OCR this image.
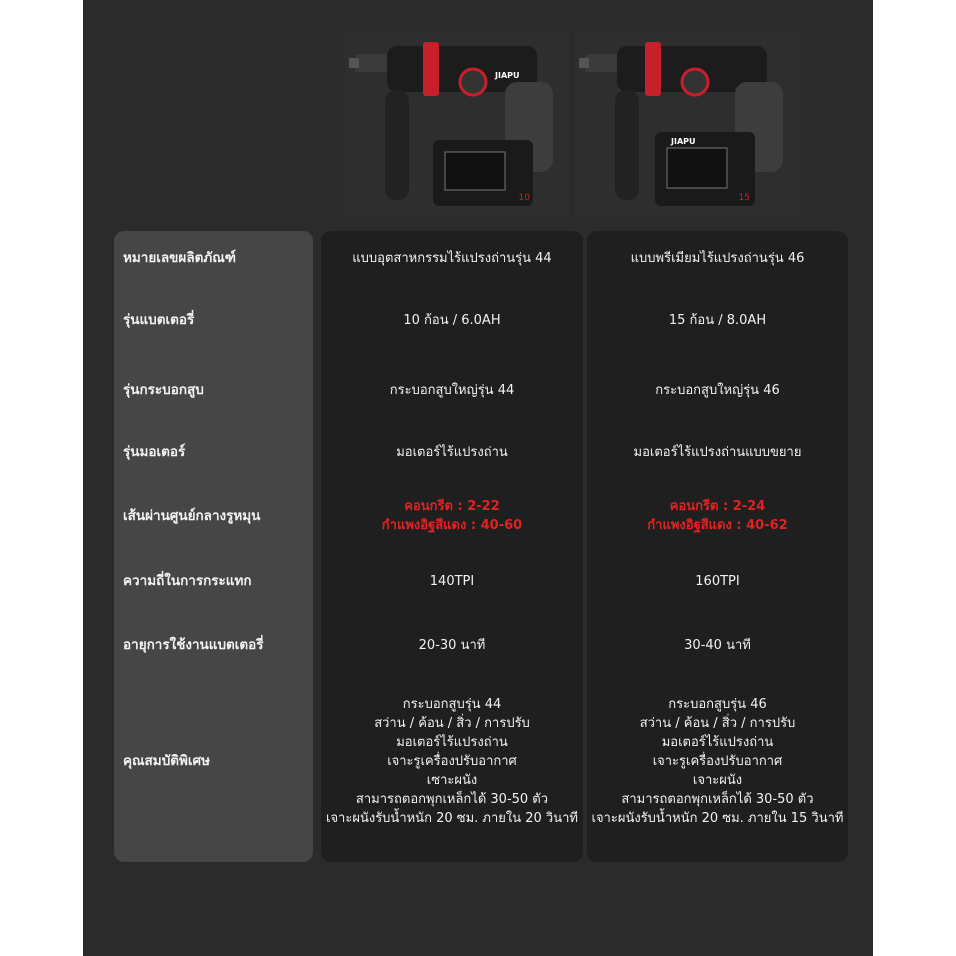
10
JIAPU
15
JIAPU
หมายเลขผลิตภัณฑ์
รุ่นแบตเตอรี่
รุ่นกระบอกสูบ
รุ่นมอเตอร์
เส้นผ่านศูนย์กลางรูหมุน
ความถี่ในการกระแทก
อายุการใช้งานแบตเตอรี่
คุณสมบัติพิเศษ
แบบอุตสาหกรรมไร้แปรงถ่านรุ่น 44
10 ก้อน / 6.0AH
กระบอกสูบใหญ่รุ่น 44
มอเตอร์ไร้แปรงถ่าน
คอนกรีต : 2-22
กำแพงอิฐสีแดง : 40-60
140TPI
20-30 นาที
กระบอกสูบรุ่น 44
สว่าน / ค้อน / สิ่ว / การปรับ
มอเตอร์ไร้แปรงถ่าน
เจาะรูเครื่องปรับอากาศ
เซาะผนัง
สามารถตอกพุกเหล็กได้ 30-50 ตัว
เจาะผนังรับน้ำหนัก 20 ซม. ภายใน 20 วินาที
แบบพรีเมียมไร้แปรงถ่านรุ่น 46
15 ก้อน / 8.0AH
กระบอกสูบใหญ่รุ่น 46
มอเตอร์ไร้แปรงถ่านแบบขยาย
คอนกรีต : 2-24
กำแพงอิฐสีแดง : 40-62
160TPI
30-40 นาที
กระบอกสูบรุ่น 46
สว่าน / ค้อน / สิ่ว / การปรับ
มอเตอร์ไร้แปรงถ่าน
เจาะรูเครื่องปรับอากาศ
เจาะผนัง
สามารถตอกพุกเหล็กได้ 30-50 ตัว
เจาะผนังรับน้ำหนัก 20 ซม. ภายใน 15 วินาที
